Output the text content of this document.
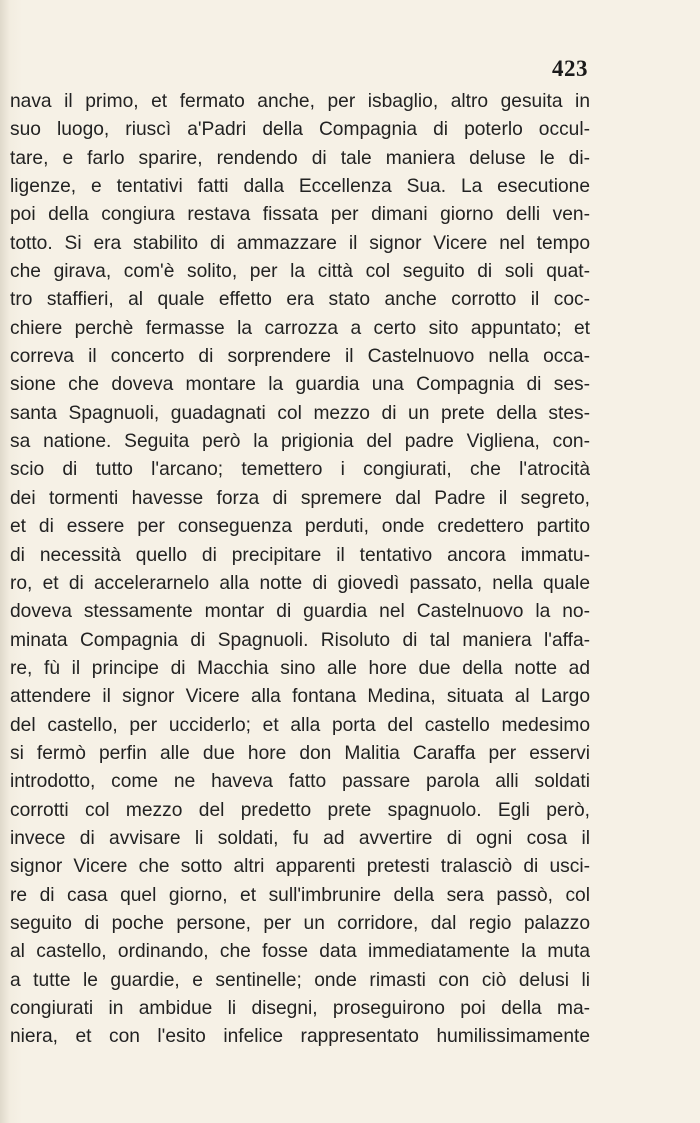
423
nava il primo, et fermato anche, per isbaglio, altro gesuita in
suo luogo, riuscì a'Padri della Compagnia di poterlo occul-
tare, e farlo sparire, rendendo di tale maniera deluse le di-
ligenze, e tentativi fatti dalla Eccellenza Sua. La esecutione
poi della congiura restava fissata per dimani giorno delli ven-
totto. Si era stabilito di ammazzare il signor Vicere nel tempo
che girava, com'è solito, per la città col seguito di soli quat-
tro staffieri, al quale effetto era stato anche corrotto il coc-
chiere perchè fermasse la carrozza a certo sito appuntato; et
correva il concerto di sorprendere il Castelnuovo nella occa-
sione che doveva montare la guardia una Compagnia di ses-
santa Spagnuoli, guadagnati col mezzo di un prete della stes-
sa natione. Seguita però la prigionia del padre Vigliena, con-
scio di tutto l'arcano; temettero i congiurati, che l'atrocità
dei tormenti havesse forza di spremere dal Padre il segreto,
et di essere per conseguenza perduti, onde credettero partito
di necessità quello di precipitare il tentativo ancora immatu-
ro, et di accelerarnelo alla notte di giovedì passato, nella quale
doveva stessamente montar di guardia nel Castelnuovo la no-
minata Compagnia di Spagnuoli. Risoluto di tal maniera l'affa-
re, fù il principe di Macchia sino alle hore due della notte ad
attendere il signor Vicere alla fontana Medina, situata al Largo
del castello, per ucciderlo; et alla porta del castello medesimo
si fermò perfin alle due hore don Malitia Caraffa per esservi
introdotto, come ne haveva fatto passare parola alli soldati
corrotti col mezzo del predetto prete spagnuolo. Egli però,
invece di avvisare li soldati, fu ad avvertire di ogni cosa il
signor Vicere che sotto altri apparenti pretesti tralasciò di usci-
re di casa quel giorno, et sull'imbrunire della sera passò, col
seguito di poche persone, per un corridore, dal regio palazzo
al castello, ordinando, che fosse data immediatamente la muta
a tutte le guardie, e sentinelle; onde rimasti con ciò delusi li
congiurati in ambidue li disegni, proseguirono poi della ma-
niera, et con l'esito infelice rappresentato humilissimamente
